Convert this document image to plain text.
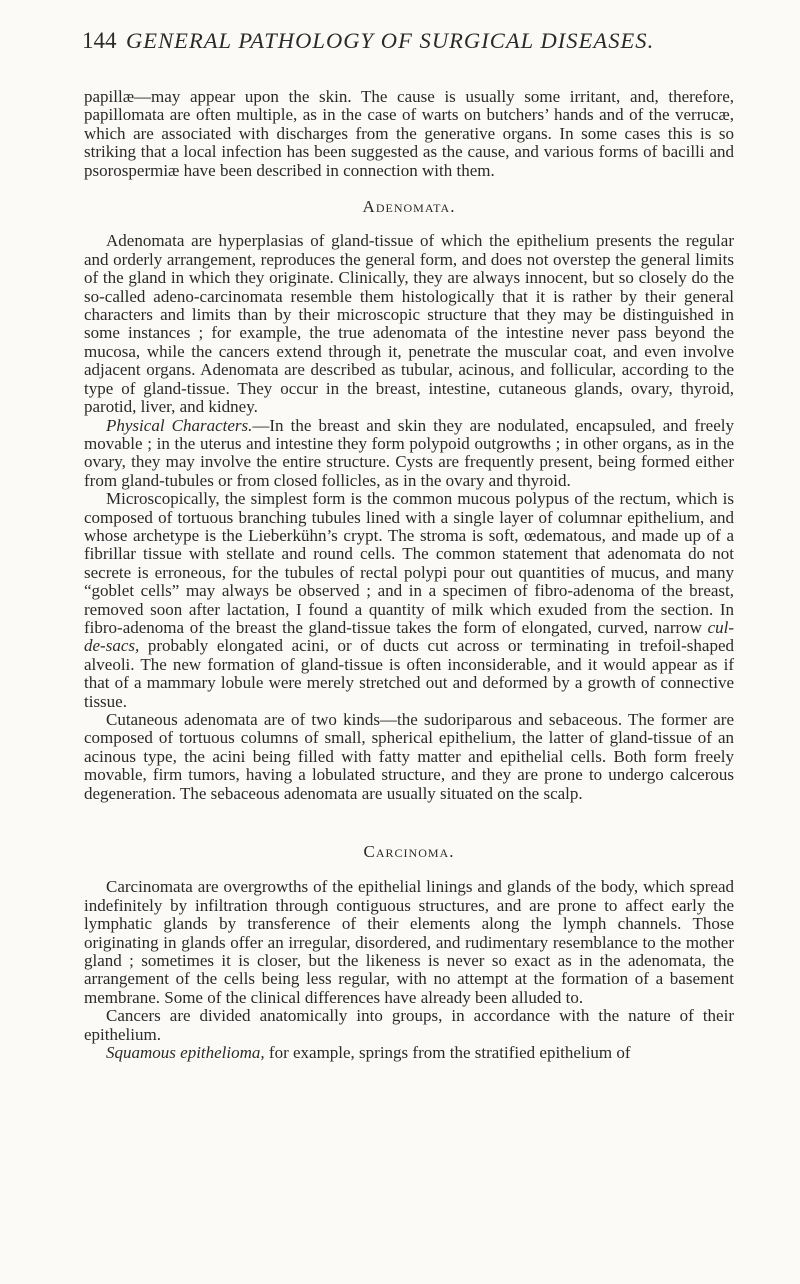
144 GENERAL PATHOLOGY OF SURGICAL DISEASES.

papillæ—may appear upon the skin. The cause is usually some irritant, and, therefore, papillomata are often multiple, as in the case of warts on butchers’ hands and of the verrucæ, which are associated with discharges from the generative organs. In some cases this is so striking that a local infection has been suggested as the cause, and various forms of bacilli and psorospermiæ have been described in connection with them.

Adenomata.

Adenomata are hyperplasias of gland-tissue of which the epithelium presents the regular and orderly arrangement, reproduces the general form, and does not overstep the general limits of the gland in which they originate. Clinically, they are always innocent, but so closely do the so-called adeno-carcinomata resemble them histologically that it is rather by their general characters and limits than by their microscopic structure that they may be distinguished in some instances ; for example, the true adenomata of the intestine never pass beyond the mucosa, while the cancers extend through it, penetrate the muscular coat, and even involve adjacent organs. Adenomata are described as tubular, acinous, and follicular, according to the type of gland-tissue. They occur in the breast, intestine, cutaneous glands, ovary, thyroid, parotid, liver, and kidney.

Physical Characters.—In the breast and skin they are nodulated, encapsuled, and freely movable ; in the uterus and intestine they form polypoid outgrowths ; in other organs, as in the ovary, they may involve the entire structure. Cysts are frequently present, being formed either from gland-tubules or from closed follicles, as in the ovary and thyroid.

Microscopically, the simplest form is the common mucous polypus of the rectum, which is composed of tortuous branching tubules lined with a single layer of columnar epithelium, and whose archetype is the Lieberkühn’s crypt. The stroma is soft, œdematous, and made up of a fibrillar tissue with stellate and round cells. The common statement that adenomata do not secrete is erroneous, for the tubules of rectal polypi pour out quantities of mucus, and many “goblet cells” may always be observed ; and in a specimen of fibro-adenoma of the breast, removed soon after lactation, I found a quantity of milk which exuded from the section. In fibro-adenoma of the breast the gland-tissue takes the form of elongated, curved, narrow cul-de-sacs, probably elongated acini, or of ducts cut across or terminating in trefoil-shaped alveoli. The new formation of gland-tissue is often inconsiderable, and it would appear as if that of a mammary lobule were merely stretched out and deformed by a growth of connective tissue.

Cutaneous adenomata are of two kinds—the sudoriparous and sebaceous. The former are composed of tortuous columns of small, spherical epithelium, the latter of gland-tissue of an acinous type, the acini being filled with fatty matter and epithelial cells. Both form freely movable, firm tumors, having a lobulated structure, and they are prone to undergo calcerous degeneration. The sebaceous adenomata are usually situated on the scalp.

Carcinoma.

Carcinomata are overgrowths of the epithelial linings and glands of the body, which spread indefinitely by infiltration through contiguous structures, and are prone to affect early the lymphatic glands by transference of their elements along the lymph channels. Those originating in glands offer an irregular, disordered, and rudimentary resemblance to the mother gland ; sometimes it is closer, but the likeness is never so exact as in the adenomata, the arrangement of the cells being less regular, with no attempt at the formation of a basement membrane. Some of the clinical differences have already been alluded to.

Cancers are divided anatomically into groups, in accordance with the nature of their epithelium.

Squamous epithelioma, for example, springs from the stratified epithelium of
